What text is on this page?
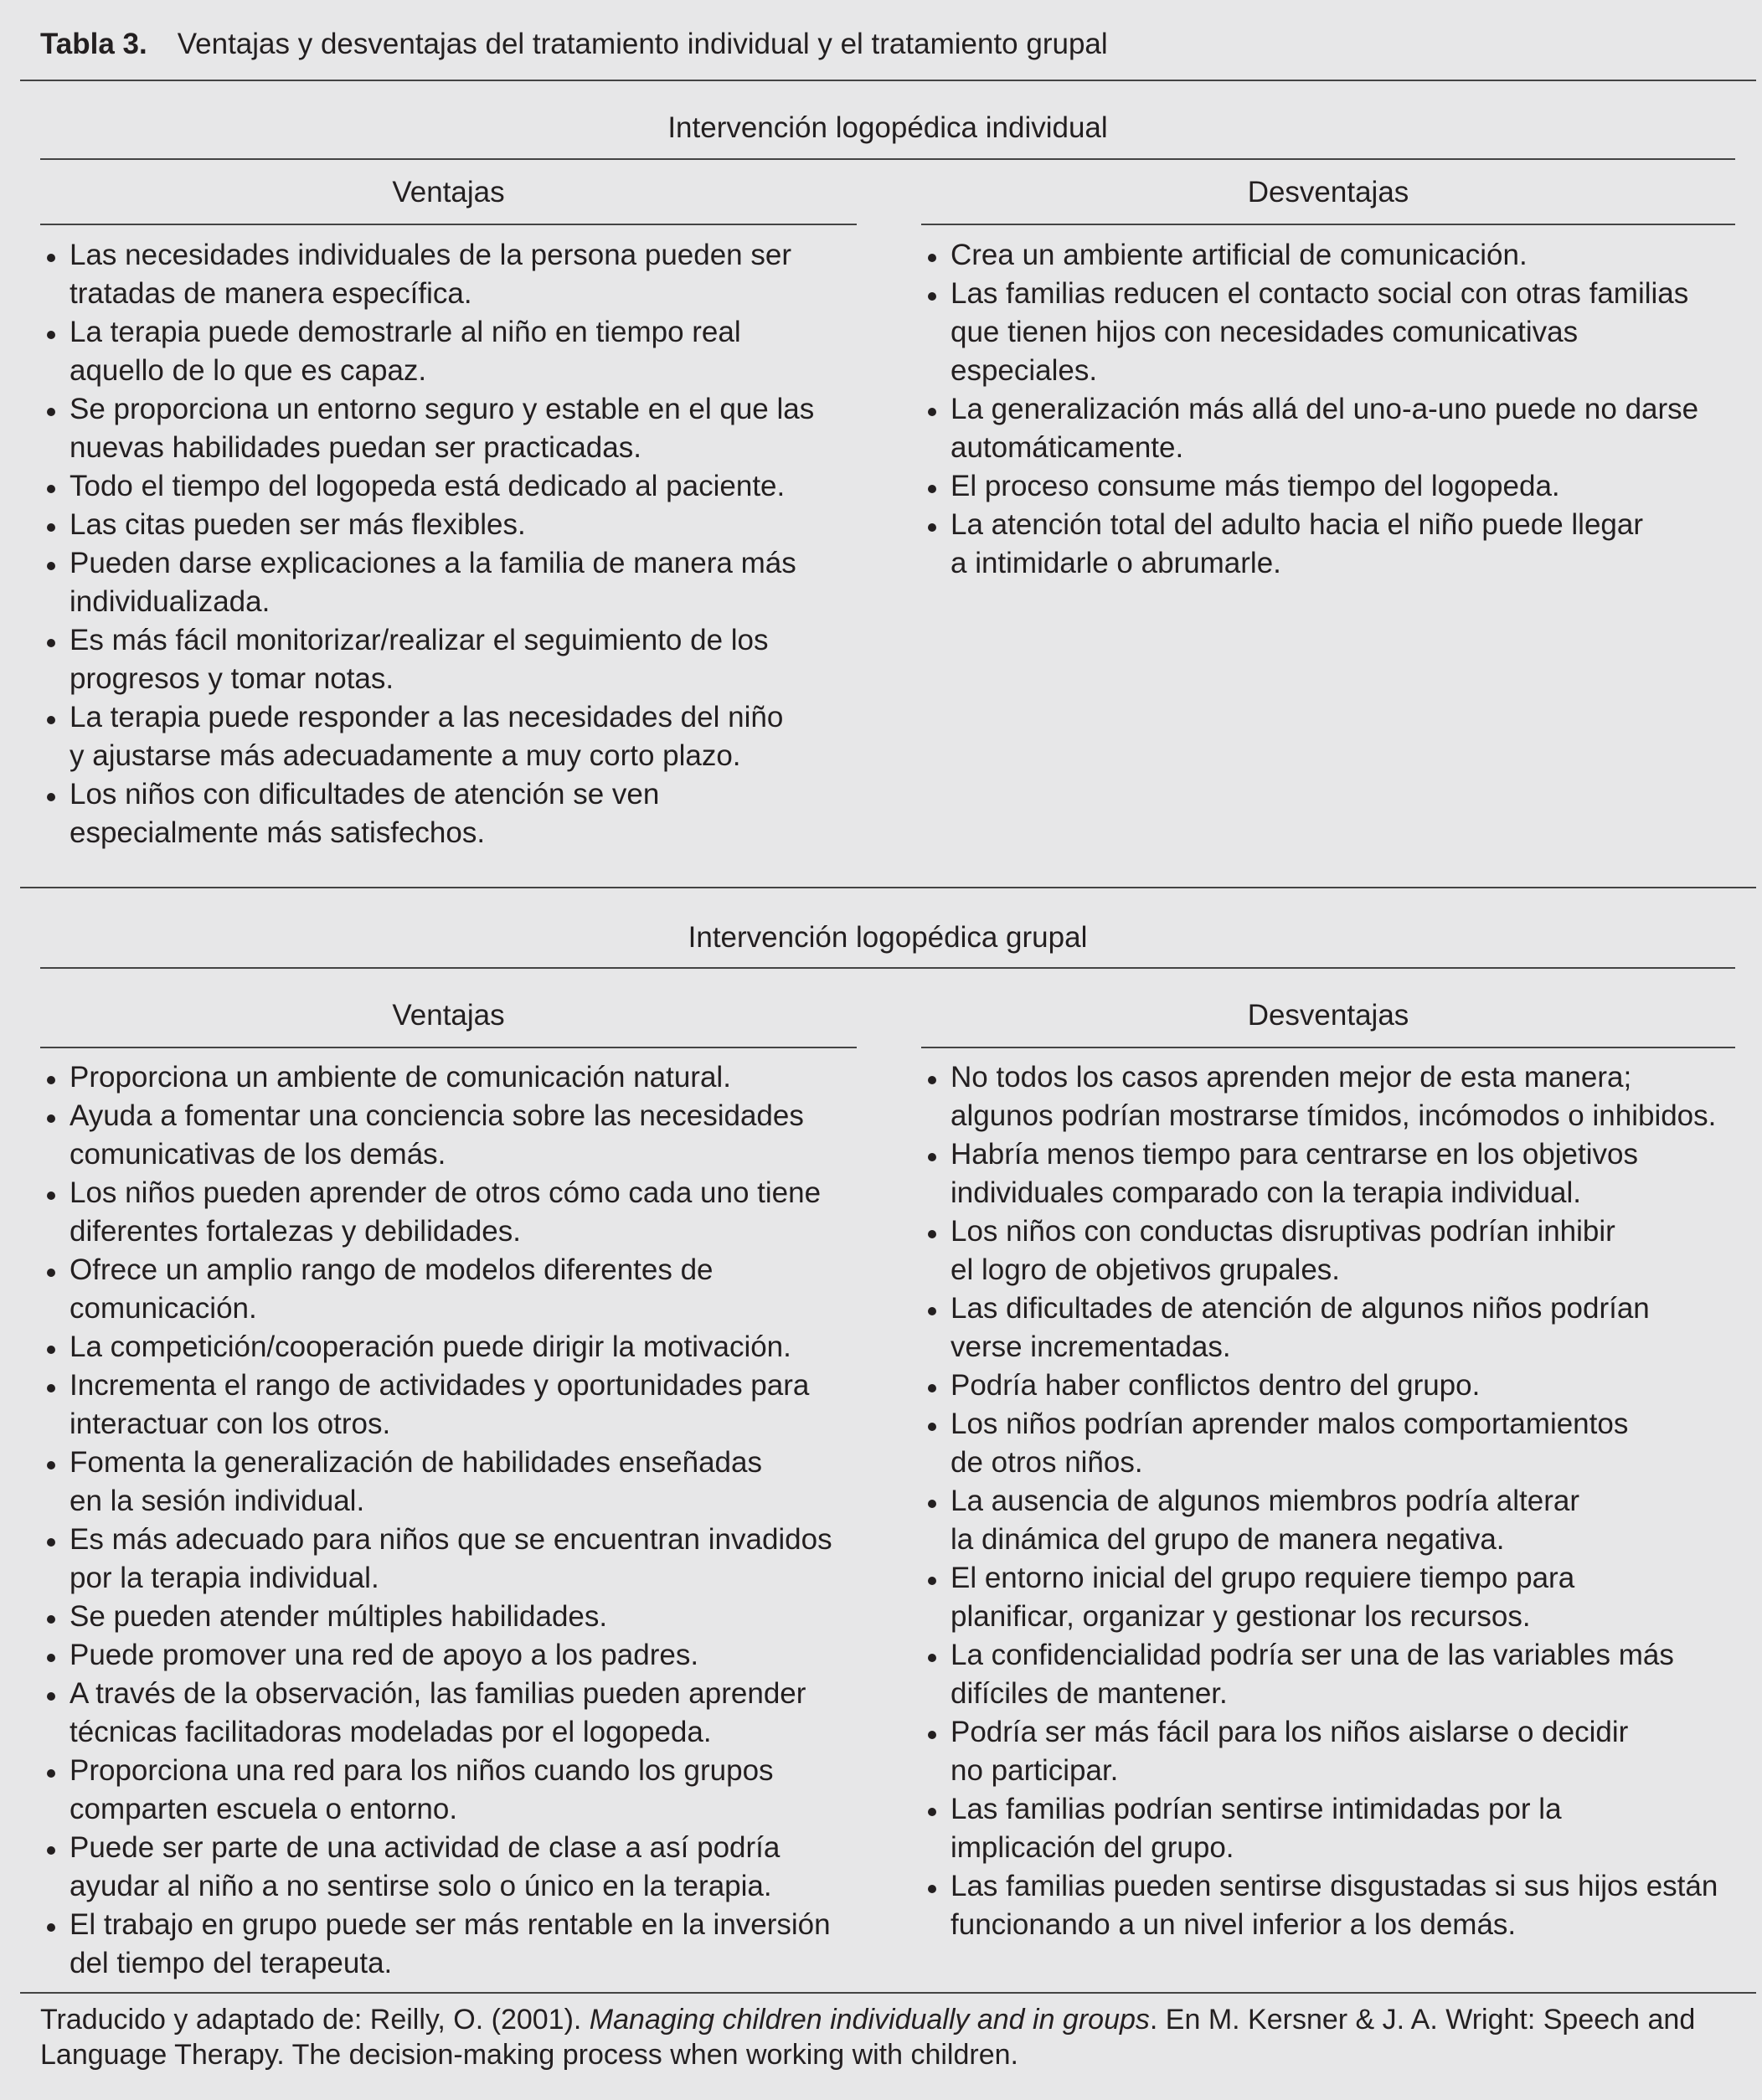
Tabla 3. Ventajas y desventajas del tratamiento individual y el tratamiento grupal
Intervención logopédica individual
Ventajas	Desventajas
Las necesidades individuales de la persona pueden ser
tratadas de manera específica.
La terapia puede demostrarle al niño en tiempo real
aquello de lo que es capaz.
Se proporciona un entorno seguro y estable en el que las
nuevas habilidades puedan ser practicadas.
Todo el tiempo del logopeda está dedicado al paciente.
Las citas pueden ser más flexibles.
Pueden darse explicaciones a la familia de manera más
individualizada.
Es más fácil monitorizar/realizar el seguimiento de los
progresos y tomar notas.
La terapia puede responder a las necesidades del niño
y ajustarse más adecuadamente a muy corto plazo.
Los niños con dificultades de atención se ven
especialmente más satisfechos.
Crea un ambiente artificial de comunicación.
Las familias reducen el contacto social con otras familias
que tienen hijos con necesidades comunicativas
especiales.
La generalización más allá del uno-a-uno puede no darse
automáticamente.
El proceso consume más tiempo del logopeda.
La atención total del adulto hacia el niño puede llegar
a intimidarle o abrumarle.
Intervención logopédica grupal
Ventajas	Desventajas
Proporciona un ambiente de comunicación natural.
Ayuda a fomentar una conciencia sobre las necesidades
comunicativas de los demás.
Los niños pueden aprender de otros cómo cada uno tiene
diferentes fortalezas y debilidades.
Ofrece un amplio rango de modelos diferentes de
comunicación.
La competición/cooperación puede dirigir la motivación.
Incrementa el rango de actividades y oportunidades para
interactuar con los otros.
Fomenta la generalización de habilidades enseñadas
en la sesión individual.
Es más adecuado para niños que se encuentran invadidos
por la terapia individual.
Se pueden atender múltiples habilidades.
Puede promover una red de apoyo a los padres.
A través de la observación, las familias pueden aprender
técnicas facilitadoras modeladas por el logopeda.
Proporciona una red para los niños cuando los grupos
comparten escuela o entorno.
Puede ser parte de una actividad de clase a así podría
ayudar al niño a no sentirse solo o único en la terapia.
El trabajo en grupo puede ser más rentable en la inversión
del tiempo del terapeuta.
No todos los casos aprenden mejor de esta manera;
algunos podrían mostrarse tímidos, incómodos o inhibidos.
Habría menos tiempo para centrarse en los objetivos
individuales comparado con la terapia individual.
Los niños con conductas disruptivas podrían inhibir
el logro de objetivos grupales.
Las dificultades de atención de algunos niños podrían
verse incrementadas.
Podría haber conflictos dentro del grupo.
Los niños podrían aprender malos comportamientos
de otros niños.
La ausencia de algunos miembros podría alterar
la dinámica del grupo de manera negativa.
El entorno inicial del grupo requiere tiempo para
planificar, organizar y gestionar los recursos.
La confidencialidad podría ser una de las variables más
difíciles de mantener.
Podría ser más fácil para los niños aislarse o decidir
no participar.
Las familias podrían sentirse intimidadas por la
implicación del grupo.
Las familias pueden sentirse disgustadas si sus hijos están
funcionando a un nivel inferior a los demás.
Traducido y adaptado de: Reilly, O. (2001). Managing children individually and in groups. En M. Kersner & J. A. Wright: Speech and
Language Therapy. The decision-making process when working with children.
